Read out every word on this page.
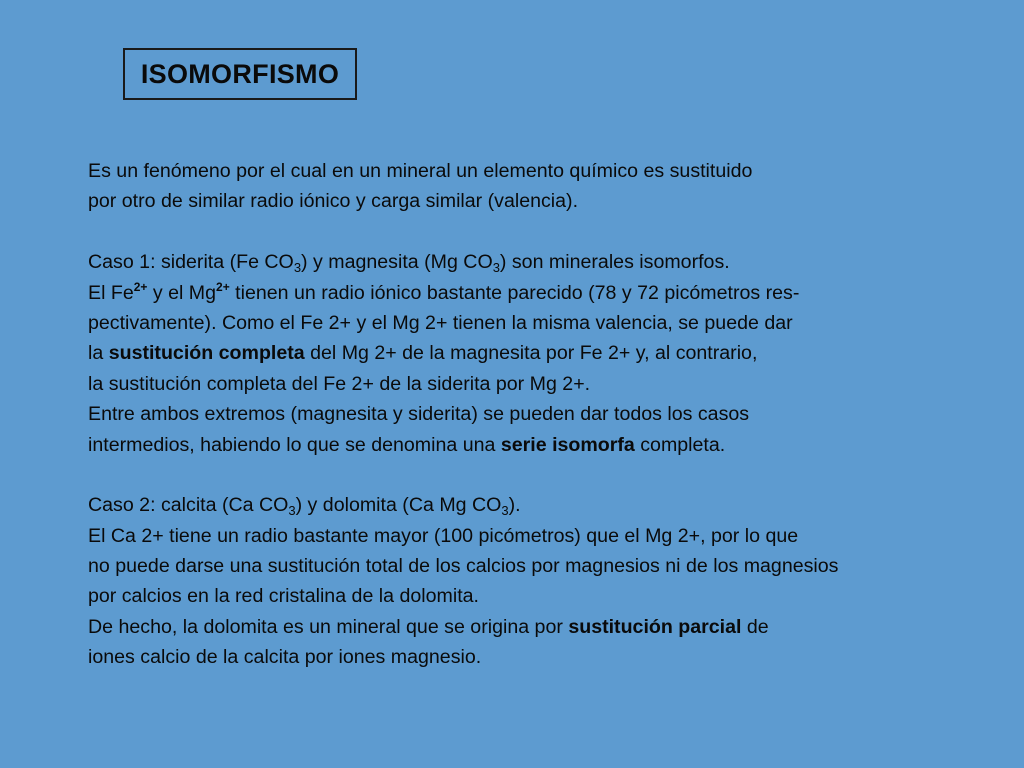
ISOMORFISMO
Es un fenómeno por el cual en un mineral un elemento químico es sustituido
por otro de similar radio iónico y carga similar (valencia).
Caso 1: siderita (Fe $CO_3$) y magnesita (Mg $CO_3$) son minerales isomorfos.
El $Fe^{2+}$ y el $Mg^{2+}$ tienen un radio iónico bastante parecido (78 y 72 picómetros res-
pectivamente). Como el Fe 2+ y el Mg 2+ tienen la misma valencia, se puede dar
la sustitución completa del Mg 2+ de la magnesita por Fe 2+ y, al contrario,
la sustitución completa del Fe 2+ de la siderita por Mg 2+.
Entre ambos extremos (magnesita y siderita) se pueden dar todos los casos
intermedios, habiendo lo que se denomina una serie isomorfa completa.
Caso 2: calcita (Ca $CO_3$) y dolomita (Ca Mg $CO_3$).
El Ca 2+ tiene un radio bastante mayor (100 picómetros) que el Mg 2+, por lo que
no puede darse una sustitución total de los calcios por magnesios ni de los magnesios
por calcios en la red cristalina de la dolomita.
De hecho, la dolomita es un mineral que se origina por sustitución parcial de
iones calcio de la calcita por iones magnesio.
